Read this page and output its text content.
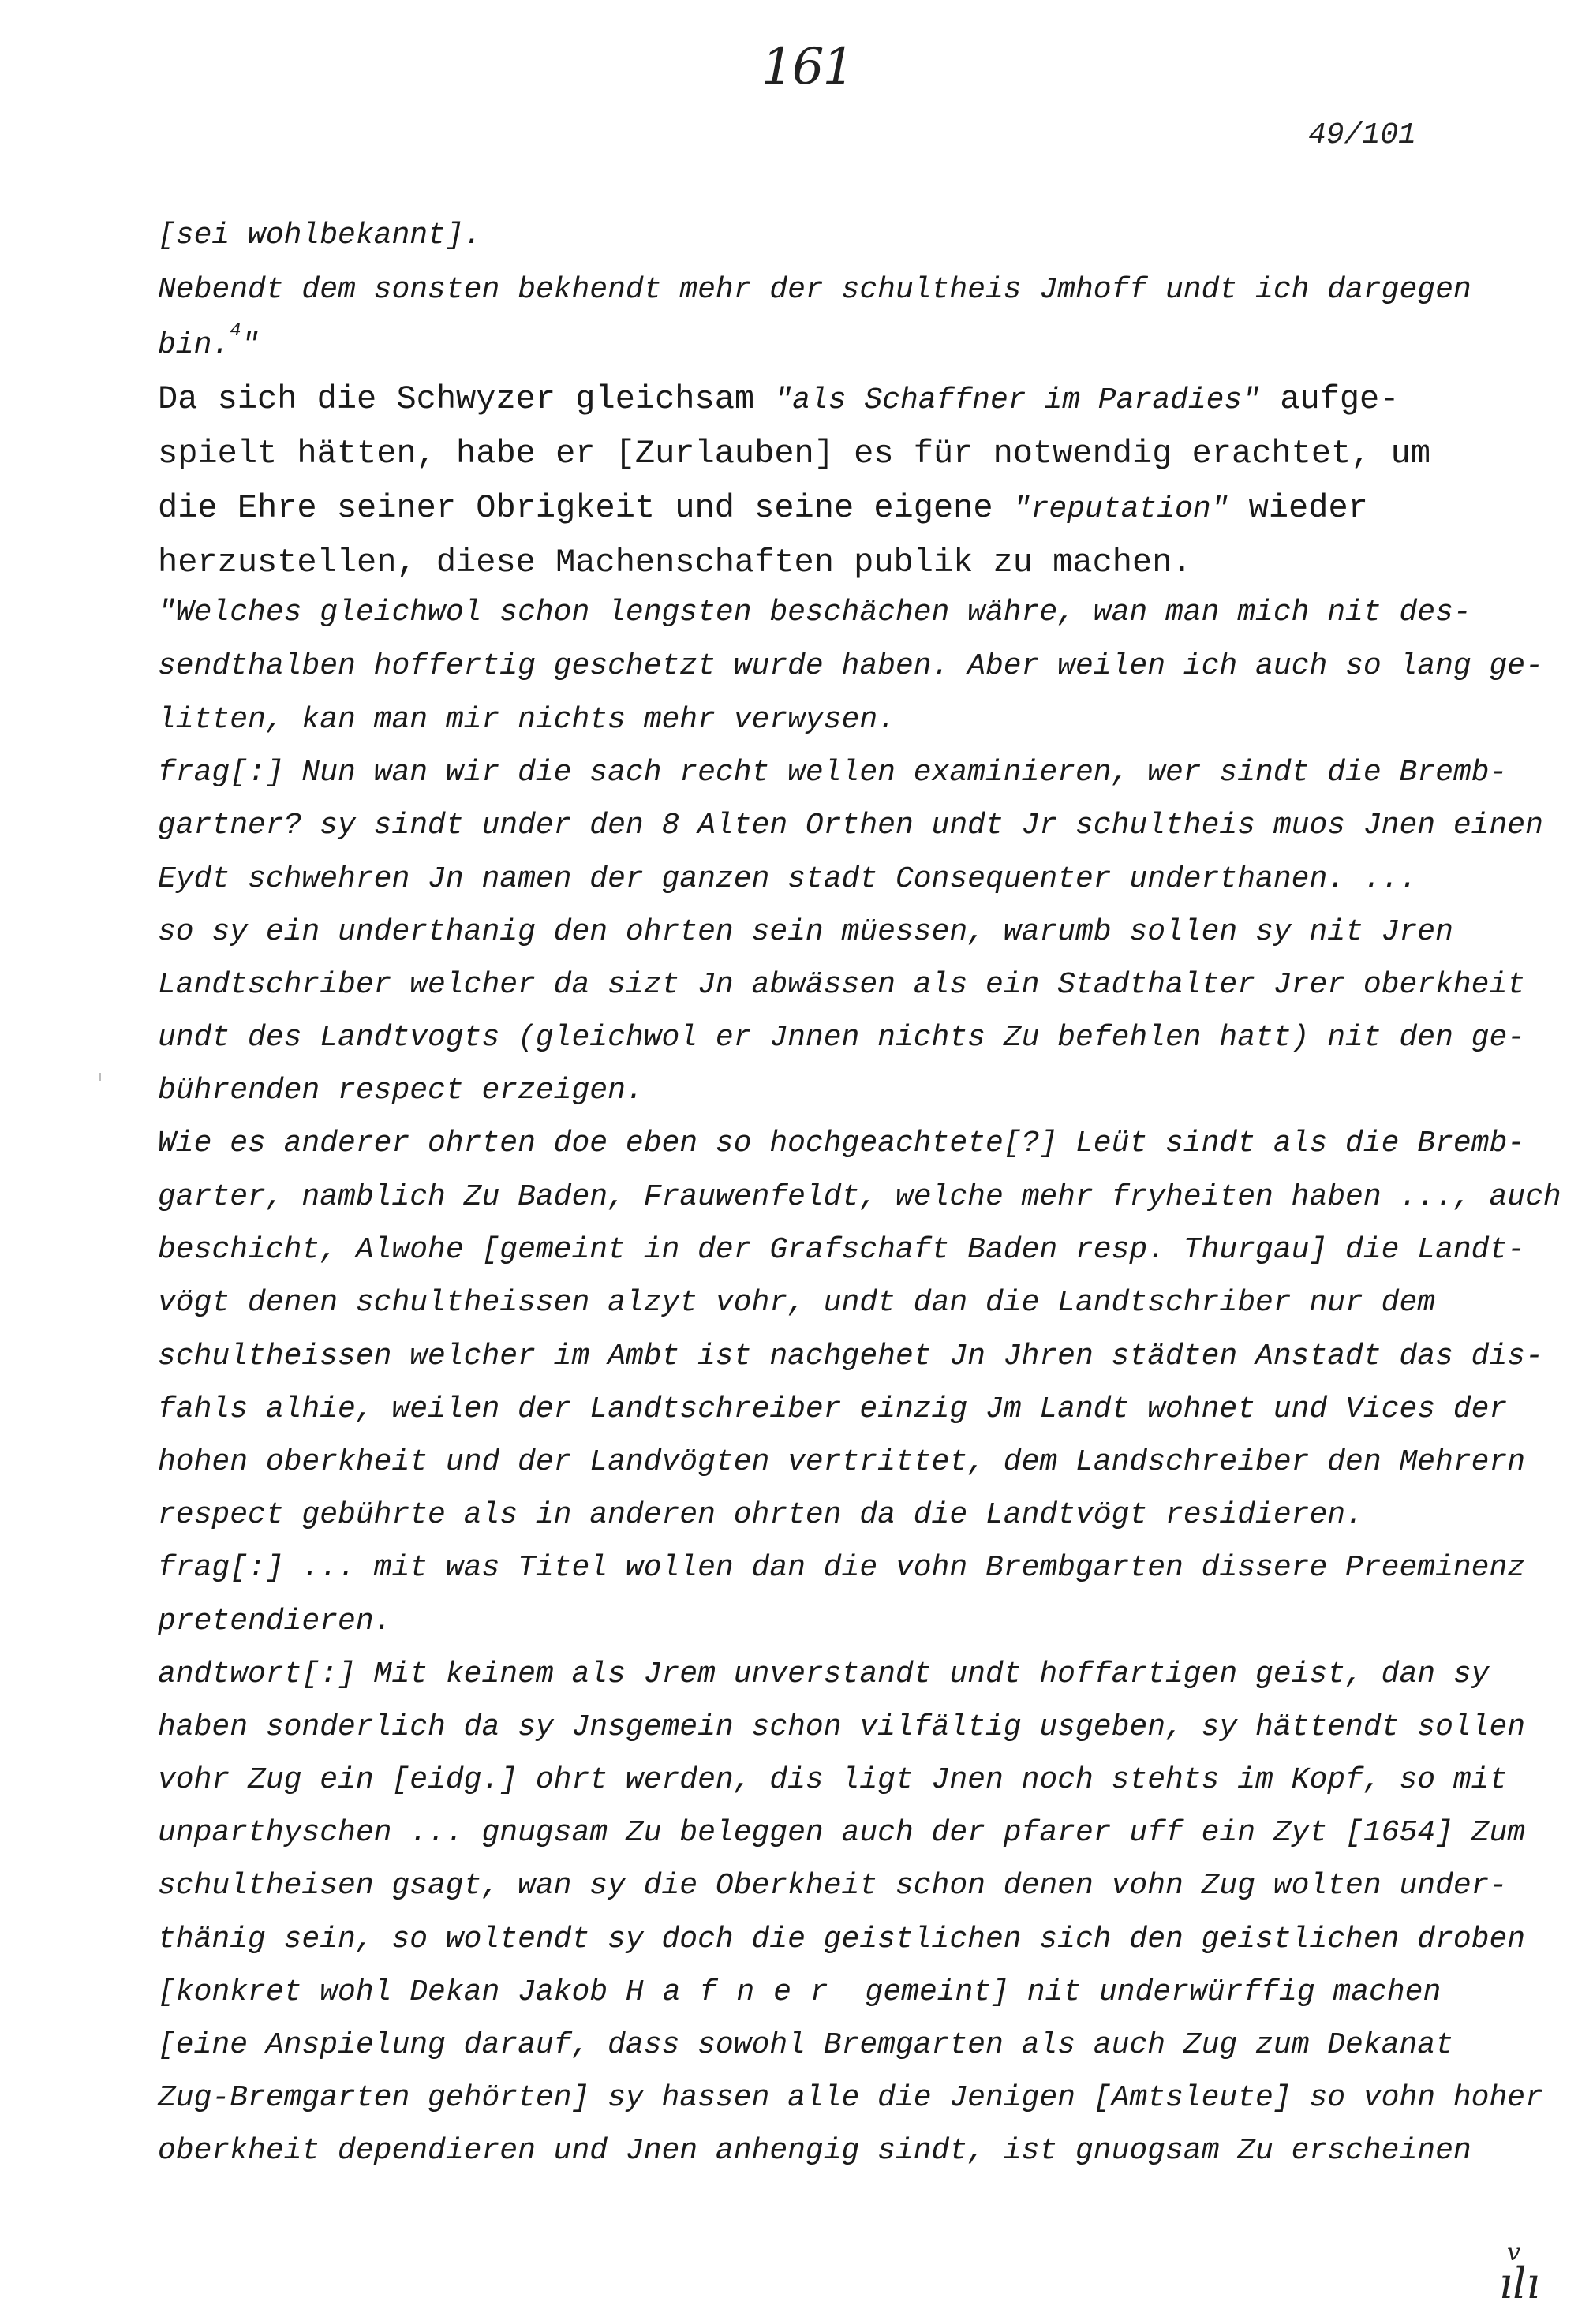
161
49/101
[sei wohlbekannt].
Nebendt dem sonsten bekhendt mehr der schultheis Jmhoff undt ich dargegen
bin.$^4$"
Da sich die Schwyzer gleichsam "als Schaffner im Paradies" aufge-
spielt hätten, habe er [Zurlauben] es für notwendig erachtet, um
die Ehre seiner Obrigkeit und seine eigene "reputation" wieder
herzustellen, diese Machenschaften publik zu machen.
"Welches gleichwol schon lengsten beschächen währe, wan man mich nit des-
sendthalben hoffertig geschetzt wurde haben. Aber weilen ich auch so lang ge-
litten, kan man mir nichts mehr verwysen.
frag[:] Nun wan wir die sach recht wellen examinieren, wer sindt die Bremb-
gartner? sy sindt under den 8 Alten Orthen undt Jr schultheis muos Jnen einen
Eydt schwehren Jn namen der ganzen stadt Consequenter underthanen. ...
so sy ein underthanig den ohrten sein müessen, warumb sollen sy nit Jren
Landtschriber welcher da sizt Jn abwässen als ein Stadthalter Jrer oberkheit
undt des Landtvogts (gleichwol er Jnnen nichts Zu befehlen hatt) nit den ge-
bührenden respect erzeigen.
Wie es anderer ohrten doe eben so hochgeachtete[?] Leüt sindt als die Bremb-
garter, namblich Zu Baden, Frauwenfeldt, welche mehr fryheiten haben ..., auch
beschicht, Alwohe [gemeint in der Grafschaft Baden resp. Thurgau] die Landt-
vögt denen schultheissen alzyt vohr, undt dan die Landtschriber nur dem
schultheissen welcher im Ambt ist nachgehet Jn Jhren städten Anstadt das dis-
fahls alhie, weilen der Landtschreiber einzig Jm Landt wohnet und Vices der
hohen oberkheit und der Landvögten vertrittet, dem Landschreiber den Mehrern
respect gebührte als in anderen ohrten da die Landtvögt residieren.
frag[:] ... mit was Titel wollen dan die vohn Brembgarten dissere Preeminenz
pretendieren.
andtwort[:] Mit keinem als Jrem unverstandt undt hoffartigen geist, dan sy
haben sonderlich da sy Jnsgemein schon vilfältig usgeben, sy hättendt sollen
vohr Zug ein [eidg.] ohrt werden, dis ligt Jnen noch stehts im Kopf, so mit
unparthyschen ... gnugsam Zu beleggen auch der pfarer uff ein Zyt [1654] Zum
schultheisen gsagt, wan sy die Oberkheit schon denen vohn Zug wolten under-
thänig sein, so woltendt sy doch die geistlichen sich den geistlichen droben
[konkret wohl Dekan Jakob Hafner gemeint] nit underwürffig machen
[eine Anspielung darauf, dass sowohl Bremgarten als auch Zug zum Dekanat
Zug-Bremgarten gehörten] sy hassen alle die Jenigen [Amtsleute] so vohn hoher
oberkheit dependieren und Jnen anhengig sindt, ist gnuogsam Zu erscheinen
v
ılı
